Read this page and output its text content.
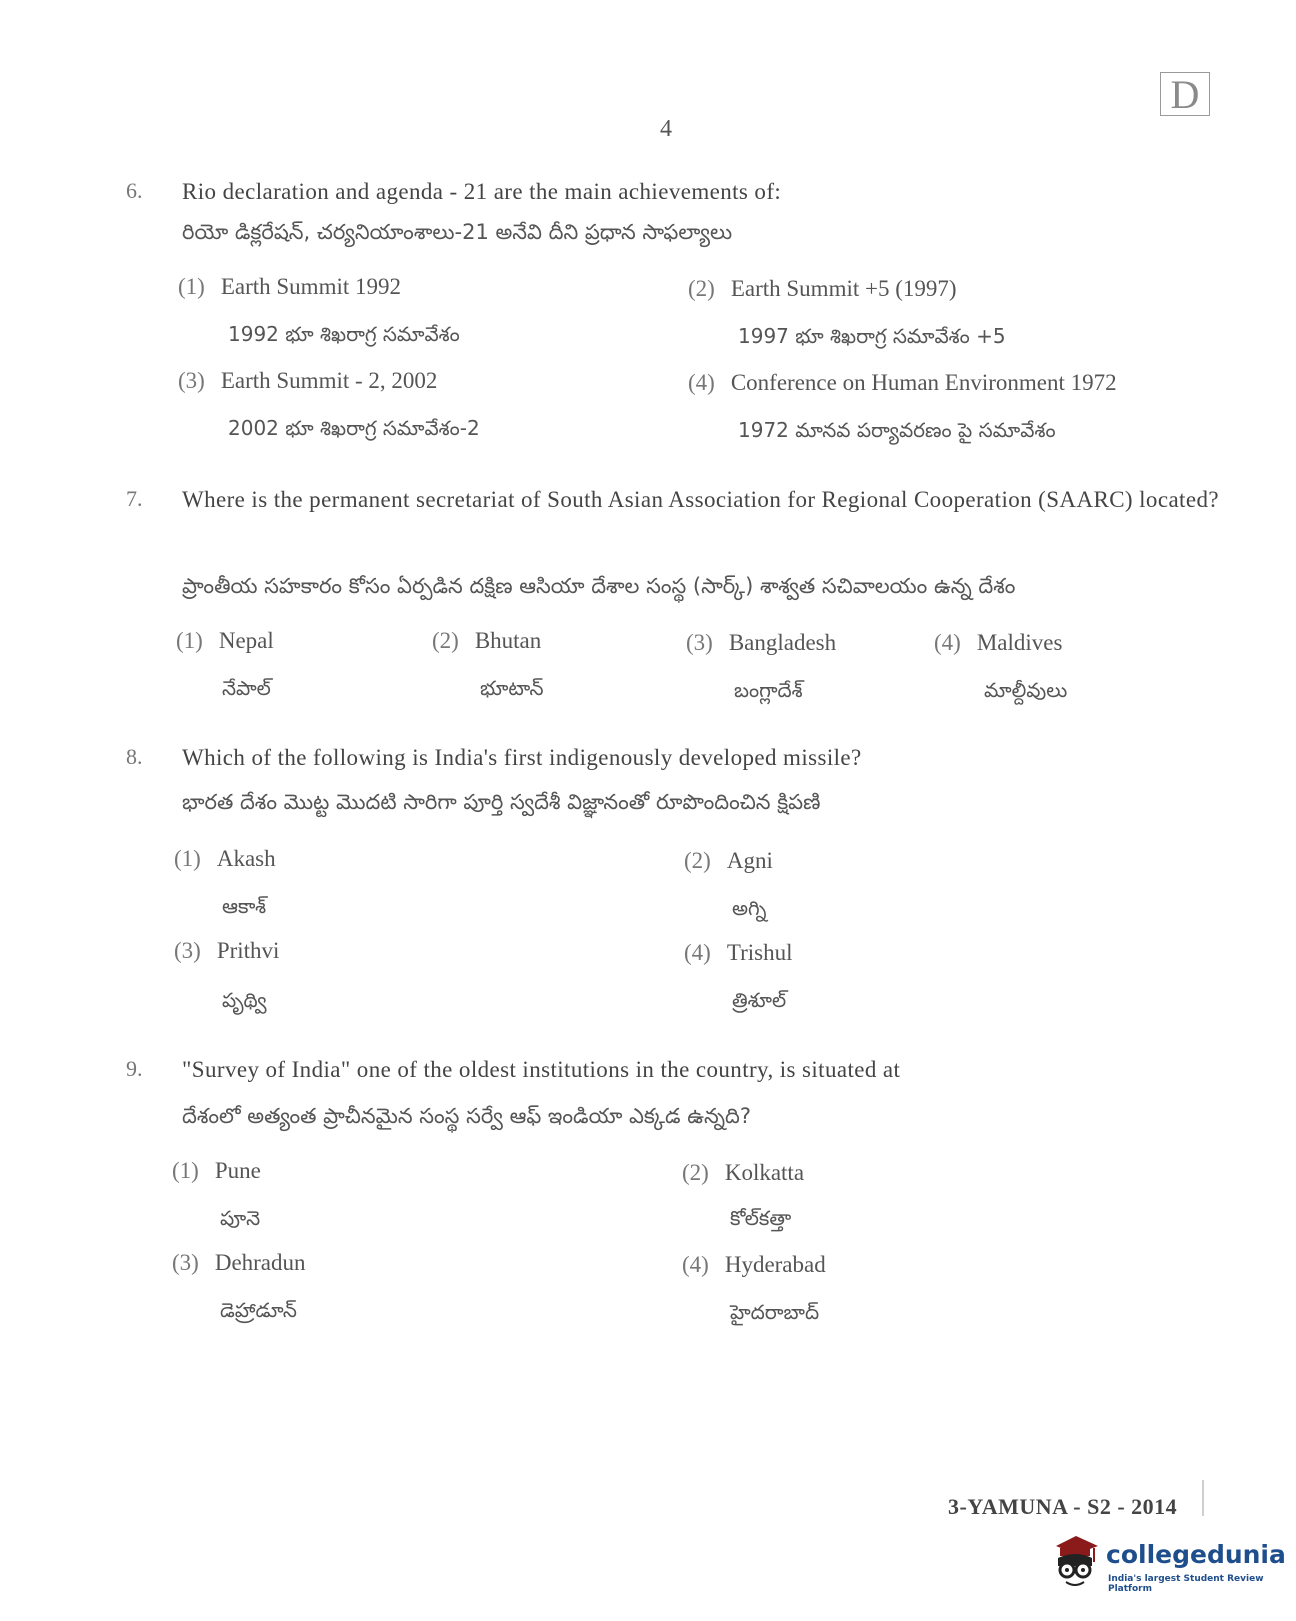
D
4
6. Rio declaration and agenda - 21 are the main achievements of:
రియో డిక్లరేషన్, చర్యనియాంశాలు-21 అనేవి దీని ప్రధాన సాఫల్యాలు
(1) Earth Summit 1992
1992 భూ శిఖరాగ్ర సమావేశం
(2) Earth Summit +5 (1997)
1997 భూ శిఖరాగ్ర సమావేశం +5
(3) Earth Summit - 2, 2002
2002 భూ శిఖరాగ్ర సమావేశం-2
(4) Conference on Human Environment 1972
1972 మానవ పర్యావరణం పై సమావేశం
7. Where is the permanent secretariat of South Asian Association for Regional Cooperation (SAARC) located?
ప్రాంతీయ సహకారం కోసం ఏర్పడిన దక్షిణ ఆసియా దేశాల సంస్థ (సార్క్) శాశ్వత సచివాలయం ఉన్న దేశం
(1) Nepal
నేపాల్
(2) Bhutan
భూటాన్
(3) Bangladesh
బంగ్లాదేశ్
(4) Maldives
మాల్దీవులు
8. Which of the following is India's first indigenously developed missile?
భారత దేశం మొట్ట మొదటి సారిగా పూర్తి స్వదేశీ విజ్ఞానంతో రూపొందించిన క్షిపణి
(1) Akash
ఆకాశ్
(2) Agni
అగ్ని
(3) Prithvi
పృథ్వి
(4) Trishul
త్రిశూల్
9. "Survey of India" one of the oldest institutions in the country, is situated at
దేశంలో అత్యంత ప్రాచీనమైన సంస్థ సర్వే ఆఫ్ ఇండియా ఎక్కడ ఉన్నది?
(1) Pune
పూనె
(2) Kolkatta
కోల్‌కత్తా
(3) Dehradun
డెహ్రాడూన్
(4) Hyderabad
హైదరాబాద్
3-YAMUNA - S2 - 2014
collegedunia
India's largest Student Review Platform
